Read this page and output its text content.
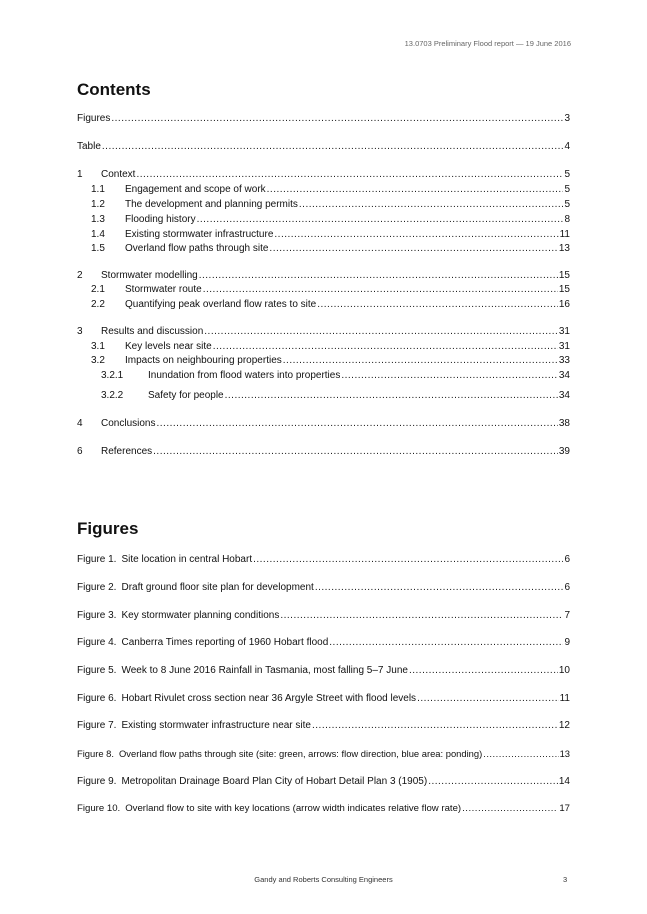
13.0703 Preliminary Flood report — 19 June 2016
Contents
Figures .....	3
Table .....	4
1	Context .....	5
1.1	Engagement and scope of work .....	5
1.2	The development and planning permits .....	5
1.3	Flooding history .....	8
1.4	Existing stormwater infrastructure .....	11
1.5	Overland flow paths through site .....	13
2	Stormwater modelling .....	15
2.1	Stormwater route .....	15
2.2	Quantifying peak overland flow rates to site .....	16
3	Results and discussion .....	31
3.1	Key levels near site .....	31
3.2	Impacts on neighbouring properties .....	33
3.2.1	Inundation from flood waters into properties .....	34
3.2.2	Safety for people .....	34
4	Conclusions .....	38
6	References .....	39
Figures
Figure 1. Site location in central Hobart .....	6
Figure 2. Draft ground floor site plan for development .....	6
Figure 3. Key stormwater planning conditions .....	7
Figure 4. Canberra Times reporting of 1960 Hobart flood .....	9
Figure 5. Week to 8 June 2016 Rainfall in Tasmania, most falling 5–7 June .....	10
Figure 6. Hobart Rivulet cross section near 36 Argyle Street with flood levels .....	11
Figure 7. Existing stormwater infrastructure near site .....	12
Figure 8. Overland flow paths through site (site: green, arrows: flow direction, blue area: ponding) .....	13
Figure 9. Metropolitan Drainage Board Plan City of Hobart Detail Plan 3 (1905) .....	14
Figure 10. Overland flow to site with key locations (arrow width indicates relative flow rate) .....	17
Gandy and Roberts Consulting Engineers	3
